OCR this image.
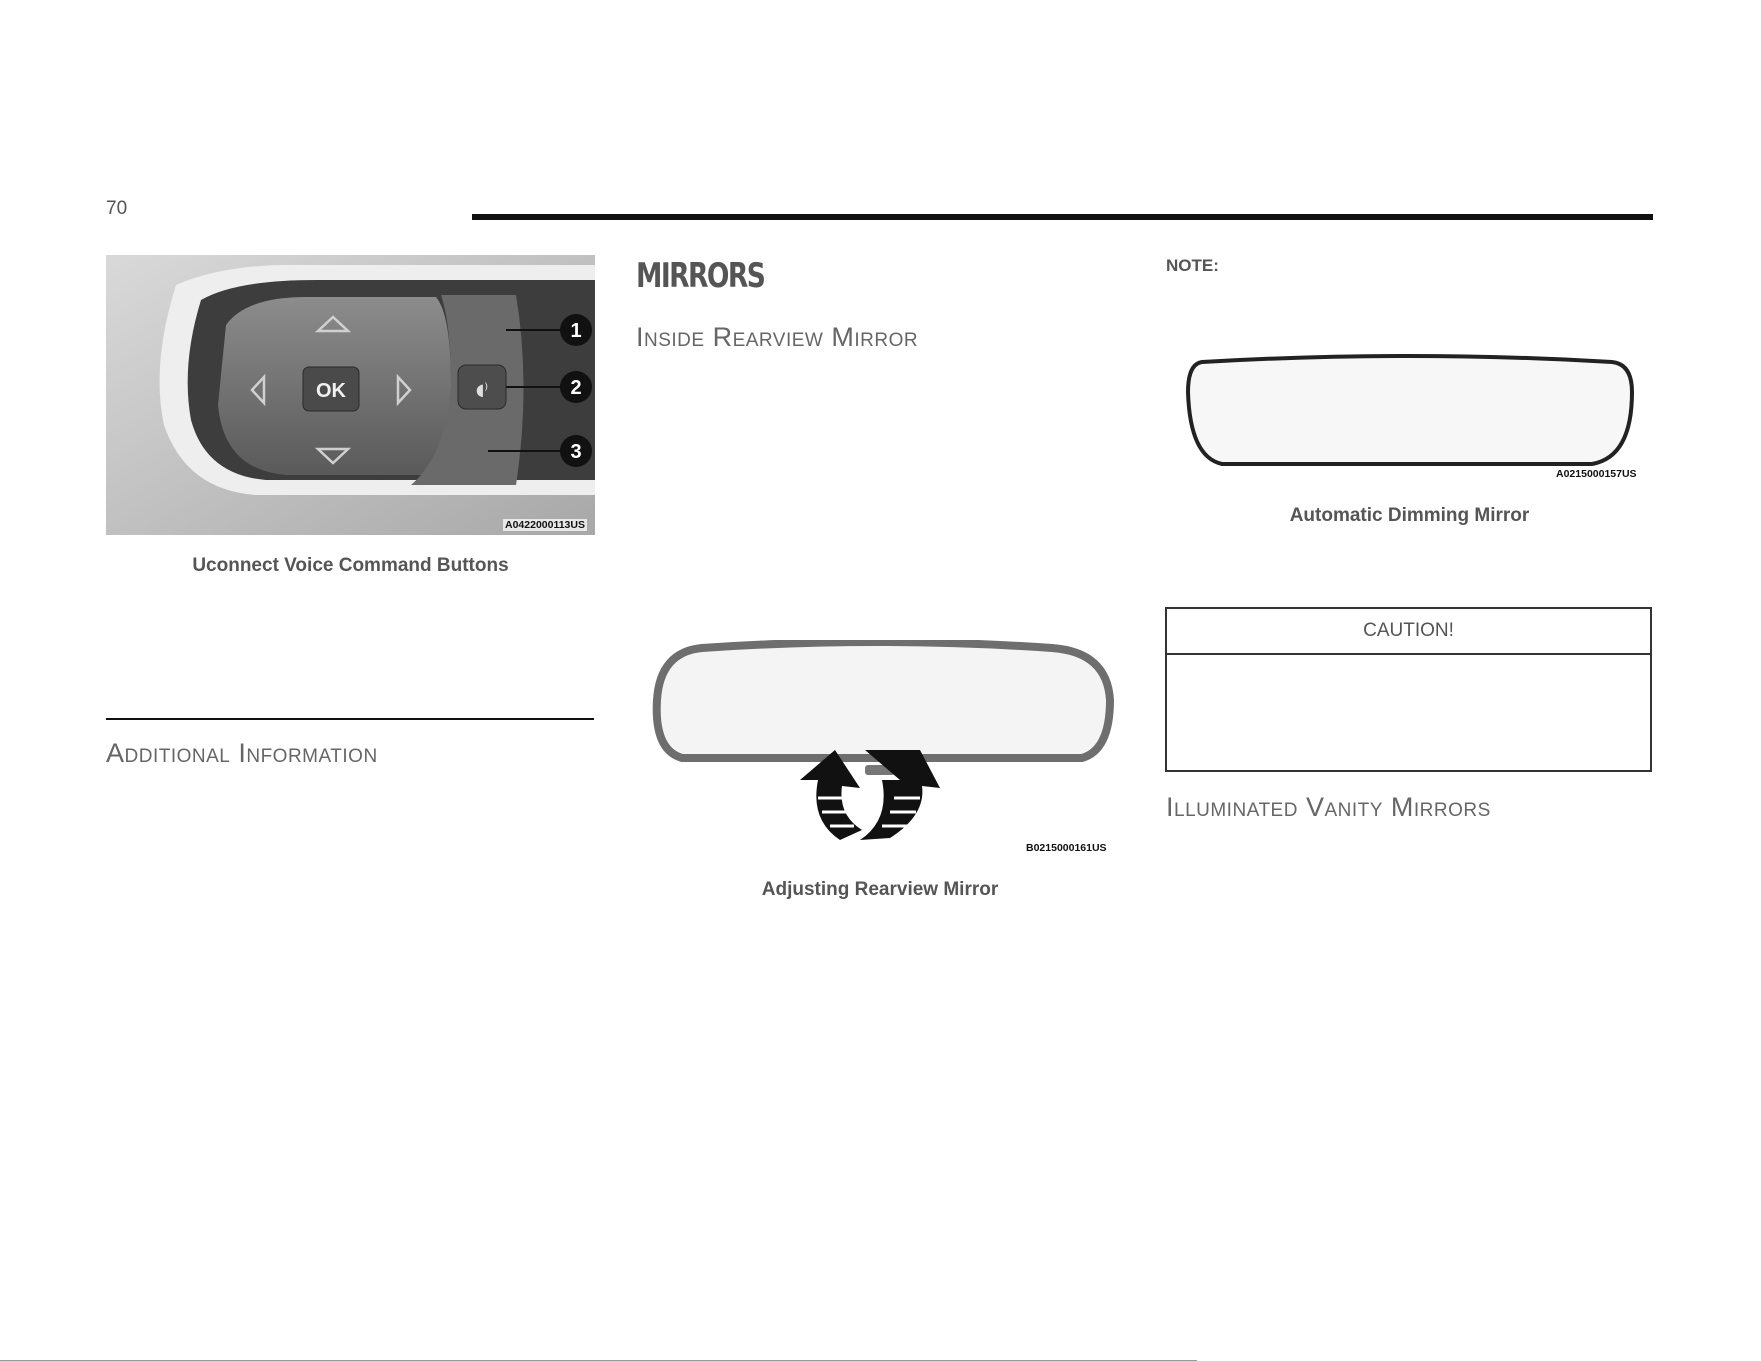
70
OK	◖⁾
1
2
3
A0422000113US
Uconnect Voice Command Buttons
Additional Information
MIRRORS
Inside Rearview Mirror
B0215000161US
Adjusting Rearview Mirror
NOTE:
A0215000157US
Automatic Dimming Mirror
CAUTION!
Illuminated Vanity Mirrors
